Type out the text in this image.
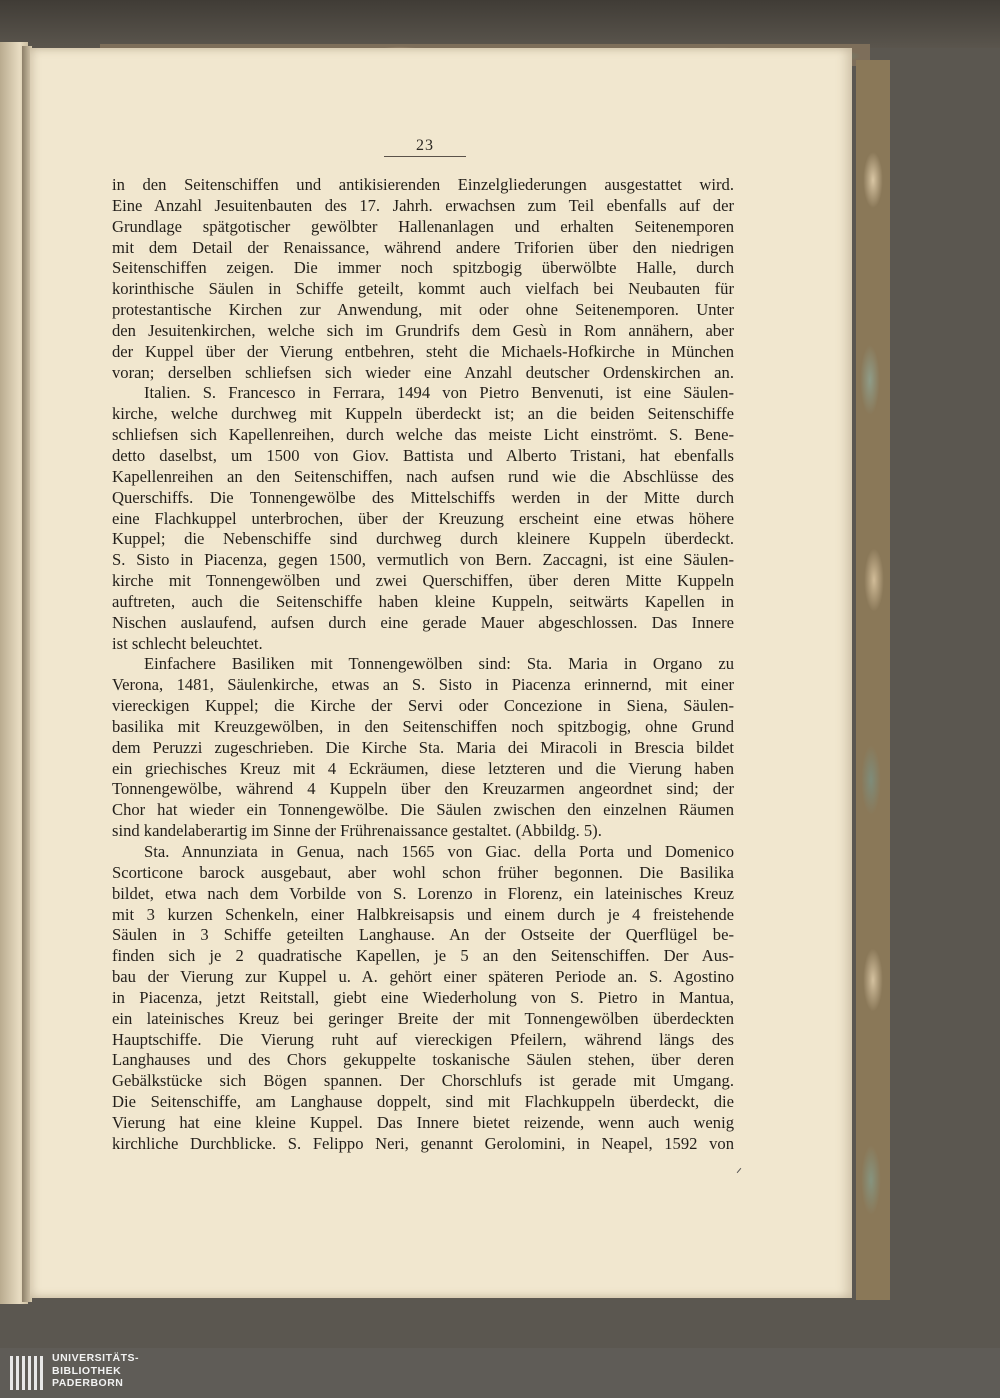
23

in den Seitenschiffen und antikisierenden Einzelgliederungen ausgestattet wird.

Eine Anzahl Jesuitenbauten des 17. Jahrh. erwachsen zum Teil ebenfalls auf der

Grundlage spätgotischer gewölbter Hallenanlagen und erhalten Seitenemporen

mit dem Detail der Renaissance, während andere Triforien über den niedrigen

Seitenschiffen zeigen. Die immer noch spitzbogig überwölbte Halle, durch

korinthische Säulen in Schiffe geteilt, kommt auch vielfach bei Neubauten für

protestantische Kirchen zur Anwendung, mit oder ohne Seitenemporen. Unter

den Jesuitenkirchen, welche sich im Grundrifs dem Gesù in Rom annähern, aber

der Kuppel über der Vierung entbehren, steht die Michaels-Hofkirche in München

voran; derselben schliefsen sich wieder eine Anzahl deutscher Ordenskirchen an.

Italien. S. Francesco in Ferrara, 1494 von Pietro Benvenuti, ist eine Säulen-

kirche, welche durchweg mit Kuppeln überdeckt ist; an die beiden Seitenschiffe

schliefsen sich Kapellenreihen, durch welche das meiste Licht einströmt. S. Bene-

detto daselbst, um 1500 von Giov. Battista und Alberto Tristani, hat ebenfalls

Kapellenreihen an den Seitenschiffen, nach aufsen rund wie die Abschlüsse des

Querschiffs. Die Tonnengewölbe des Mittelschiffs werden in der Mitte durch

eine Flachkuppel unterbrochen, über der Kreuzung erscheint eine etwas höhere

Kuppel; die Nebenschiffe sind durchweg durch kleinere Kuppeln überdeckt.

S. Sisto in Piacenza, gegen 1500, vermutlich von Bern. Zaccagni, ist eine Säulen-

kirche mit Tonnengewölben und zwei Querschiffen, über deren Mitte Kuppeln

auftreten, auch die Seitenschiffe haben kleine Kuppeln, seitwärts Kapellen in

Nischen auslaufend, aufsen durch eine gerade Mauer abgeschlossen. Das Innere

ist schlecht beleuchtet.

Einfachere Basiliken mit Tonnengewölben sind: Sta. Maria in Organo zu

Verona, 1481, Säulenkirche, etwas an S. Sisto in Piacenza erinnernd, mit einer

viereckigen Kuppel; die Kirche der Servi oder Concezione in Siena, Säulen-

basilika mit Kreuzgewölben, in den Seitenschiffen noch spitzbogig, ohne Grund

dem Peruzzi zugeschrieben. Die Kirche Sta. Maria dei Miracoli in Brescia bildet

ein griechisches Kreuz mit 4 Eckräumen, diese letzteren und die Vierung haben

Tonnengewölbe, während 4 Kuppeln über den Kreuzarmen angeordnet sind; der

Chor hat wieder ein Tonnengewölbe. Die Säulen zwischen den einzelnen Räumen

sind kandelaberartig im Sinne der Frührenaissance gestaltet. (Abbildg. 5).

Sta. Annunziata in Genua, nach 1565 von Giac. della Porta und Domenico

Scorticone barock ausgebaut, aber wohl schon früher begonnen. Die Basilika

bildet, etwa nach dem Vorbilde von S. Lorenzo in Florenz, ein lateinisches Kreuz

mit 3 kurzen Schenkeln, einer Halbkreisapsis und einem durch je 4 freistehende

Säulen in 3 Schiffe geteilten Langhause. An der Ostseite der Querflügel be-

finden sich je 2 quadratische Kapellen, je 5 an den Seitenschiffen. Der Aus-

bau der Vierung zur Kuppel u. A. gehört einer späteren Periode an. S. Agostino

in Piacenza, jetzt Reitstall, giebt eine Wiederholung von S. Pietro in Mantua,

ein lateinisches Kreuz bei geringer Breite der mit Tonnengewölben überdeckten

Hauptschiffe. Die Vierung ruht auf viereckigen Pfeilern, während längs des

Langhauses und des Chors gekuppelte toskanische Säulen stehen, über deren

Gebälkstücke sich Bögen spannen. Der Chorschlufs ist gerade mit Umgang.

Die Seitenschiffe, am Langhause doppelt, sind mit Flachkuppeln überdeckt, die

Vierung hat eine kleine Kuppel. Das Innere bietet reizende, wenn auch wenig

kirchliche Durchblicke. S. Felippo Neri, genannt Gerolomini, in Neapel, 1592 von

UNIVERSITÄTS-
BIBLIOTHEK
PADERBORN
